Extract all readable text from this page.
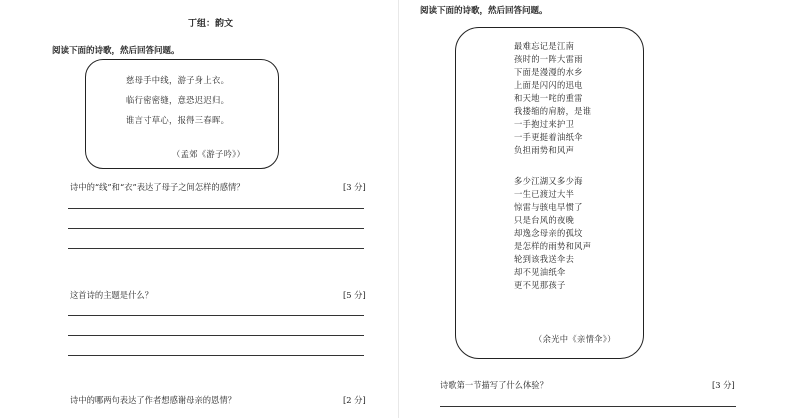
丁组：韵文
阅读下面的诗歌，然后回答问题。
慈母手中线，游子身上衣。
临行密密缝，意恐迟迟归。
谁言寸草心，报得三春晖。
（孟郊《游子吟》）
诗中的“线”和“衣”表达了母子之间怎样的感情？	[3 分]
这首诗的主题是什么？	[5 分]
诗中的哪两句表达了作者想感谢母亲的恩情？	[2 分]
阅读下面的诗歌，然后回答问题。
最难忘记是江南
孩时的一阵大雷雨
下面是漫漫的水乡
上面是闪闪的迅电
和天地一咤的重雷
我搂缩的肩膀，是谁
一手抱过来护卫
一手更挺着油纸伞
负担雨势和风声
多少江湖又多少海
一生已渡过大半
惊雷与骇电早惯了
只是台风的夜晚
却逸念母亲的孤坟
是怎样的雨势和风声
轮到该我送伞去
却不见油纸伞
更不见那孩子
（余光中《亲情伞》）
诗歌第一节描写了什么体验？	[3 分]
